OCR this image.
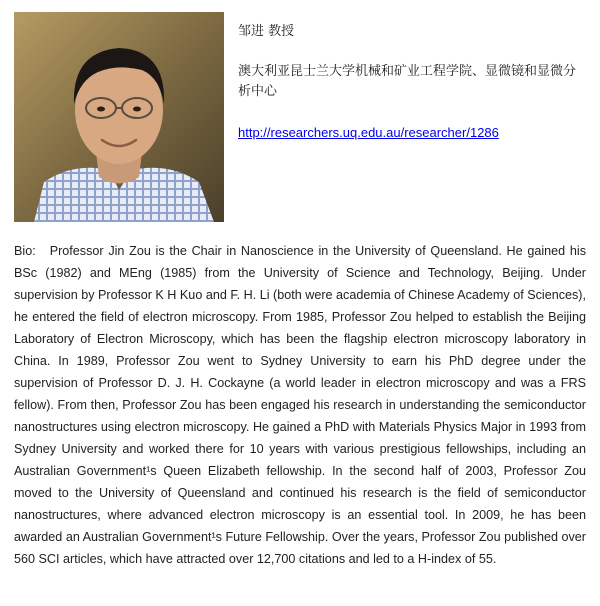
邹进 教授
澳大利亚昆士兰大学机械和矿业工程学院、显微镜和显微分析中心
http://researchers.uq.edu.au/researcher/1286

Bio: Professor Jin Zou is the Chair in Nanoscience in the University of Queensland. He gained his BSc (1982) and MEng (1985) from the University of Science and Technology, Beijing. Under supervision by Professor K H Kuo and F. H. Li (both were academia of Chinese Academy of Sciences), he entered the field of electron microscopy. From 1985, Professor Zou helped to establish the Beijing Laboratory of Electron Microscopy, which has been the flagship electron microscopy laboratory in China. In 1989, Professor Zou went to Sydney University to earn his PhD degree under the supervision of Professor D. J. H. Cockayne (a world leader in electron microscopy and was a FRS fellow). From then, Professor Zou has been engaged his research in understanding the semiconductor nanostructures using electron microscopy. He gained a PhD with Materials Physics Major in 1993 from Sydney University and worked there for 10 years with various prestigious fellowships, including an Australian Government¹s Queen Elizabeth fellowship. In the second half of 2003, Professor Zou moved to the University of Queensland and continued his research is the field of semiconductor nanostructures, where advanced electron microscopy is an essential tool. In 2009, he has been awarded an Australian Government¹s Future Fellowship. Over the years, Professor Zou published over 560 SCI articles, which have attracted over 12,700 citations and led to a H-index of 55.
